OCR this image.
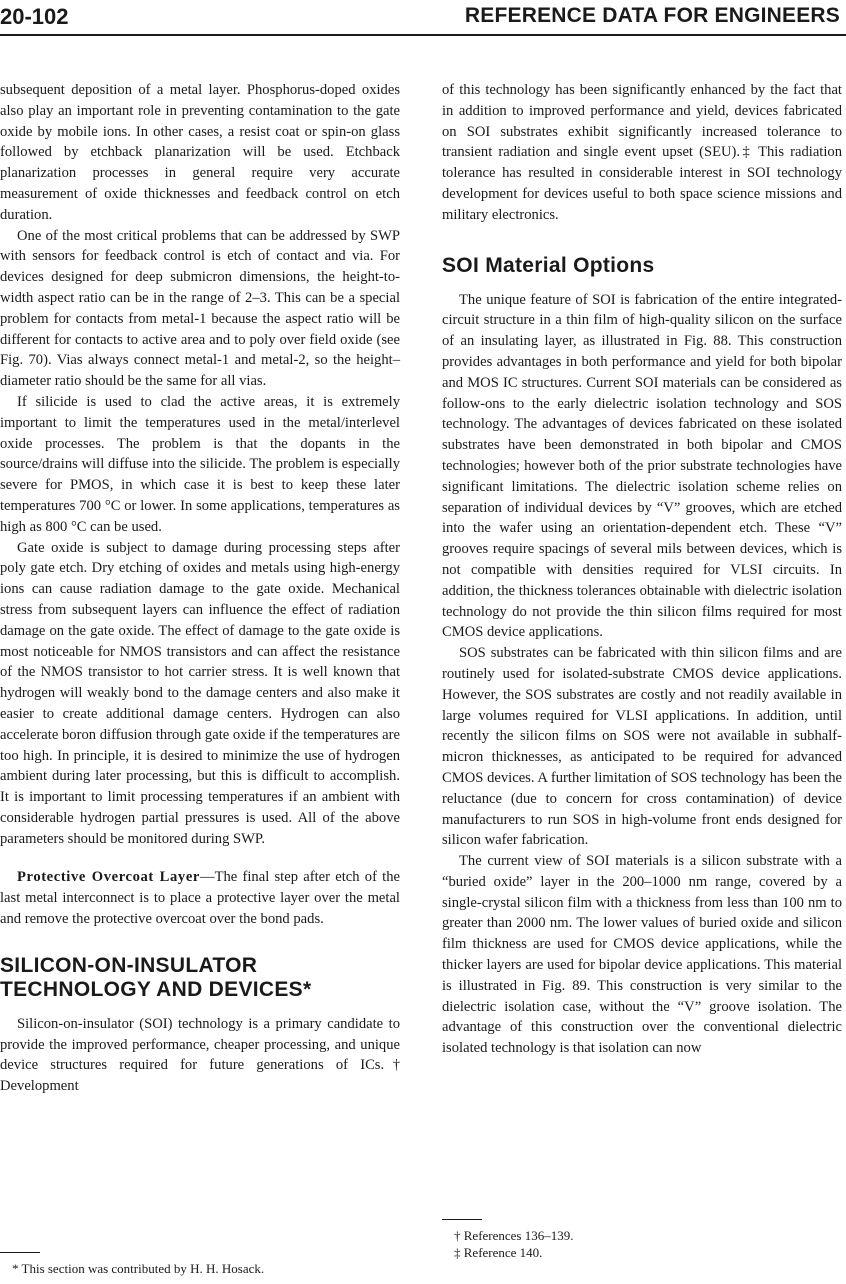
20-102	REFERENCE DATA FOR ENGINEERS

subsequent deposition of a metal layer. Phosphorus-doped oxides also play an important role in preventing contamination to the gate oxide by mobile ions. In other cases, a resist coat or spin-on glass followed by etchback planarization will be used. Etchback planarization processes in general require very accurate measurement of oxide thicknesses and feedback control on etch duration.

One of the most critical problems that can be addressed by SWP with sensors for feedback control is etch of contact and via. For devices designed for deep submicron dimensions, the height-to-width aspect ratio can be in the range of 2–3. This can be a special problem for contacts from metal-1 because the aspect ratio will be different for contacts to active area and to poly over field oxide (see Fig. 70). Vias always connect metal-1 and metal-2, so the height–diameter ratio should be the same for all vias.

If silicide is used to clad the active areas, it is extremely important to limit the temperatures used in the metal/interlevel oxide processes. The problem is that the dopants in the source/drains will diffuse into the silicide. The problem is especially severe for PMOS, in which case it is best to keep these later temperatures 700 °C or lower. In some applications, temperatures as high as 800 °C can be used.

Gate oxide is subject to damage during processing steps after poly gate etch. Dry etching of oxides and metals using high-energy ions can cause radiation damage to the gate oxide. Mechanical stress from subsequent layers can influence the effect of radiation damage on the gate oxide. The effect of damage to the gate oxide is most noticeable for NMOS transistors and can affect the resistance of the NMOS transistor to hot carrier stress. It is well known that hydrogen will weakly bond to the damage centers and also make it easier to create additional damage centers. Hydrogen can also accelerate boron diffusion through gate oxide if the temperatures are too high. In principle, it is desired to minimize the use of hydrogen ambient during later processing, but this is difficult to accomplish. It is important to limit processing temperatures if an ambient with considerable hydrogen partial pressures is used. All of the above parameters should be monitored during SWP.

Protective Overcoat Layer—The final step after etch of the last metal interconnect is to place a protective layer over the metal and remove the protective overcoat over the bond pads.

SILICON-ON-INSULATOR
TECHNOLOGY AND DEVICES*

Silicon-on-insulator (SOI) technology is a primary candidate to provide the improved performance, cheaper processing, and unique device structures required for future generations of ICs.† Development

of this technology has been significantly enhanced by the fact that in addition to improved performance and yield, devices fabricated on SOI substrates exhibit significantly increased tolerance to transient radiation and single event upset (SEU).‡ This radiation tolerance has resulted in considerable interest in SOI technology development for devices useful to both space science missions and military electronics.

SOI Material Options

The unique feature of SOI is fabrication of the entire integrated-circuit structure in a thin film of high-quality silicon on the surface of an insulating layer, as illustrated in Fig. 88. This construction provides advantages in both performance and yield for both bipolar and MOS IC structures. Current SOI materials can be considered as follow-ons to the early dielectric isolation technology and SOS technology. The advantages of devices fabricated on these isolated substrates have been demonstrated in both bipolar and CMOS technologies; however both of the prior substrate technologies have significant limitations. The dielectric isolation scheme relies on separation of individual devices by “V” grooves, which are etched into the wafer using an orientation-dependent etch. These “V” grooves require spacings of several mils between devices, which is not compatible with densities required for VLSI circuits. In addition, the thickness tolerances obtainable with dielectric isolation technology do not provide the thin silicon films required for most CMOS device applications.

SOS substrates can be fabricated with thin silicon films and are routinely used for isolated-substrate CMOS device applications. However, the SOS substrates are costly and not readily available in large volumes required for VLSI applications. In addition, until recently the silicon films on SOS were not available in subhalf-micron thicknesses, as anticipated to be required for advanced CMOS devices. A further limitation of SOS technology has been the reluctance (due to concern for cross contamination) of device manufacturers to run SOS in high-volume front ends designed for silicon wafer fabrication.

The current view of SOI materials is a silicon substrate with a “buried oxide” layer in the 200–1000 nm range, covered by a single-crystal silicon film with a thickness from less than 100 nm to greater than 2000 nm. The lower values of buried oxide and silicon film thickness are used for CMOS device applications, while the thicker layers are used for bipolar device applications. This material is illustrated in Fig. 89. This construction is very similar to the dielectric isolation case, without the “V” groove isolation. The advantage of this construction over the conventional dielectric isolated technology is that isolation can now

* This section was contributed by H. H. Hosack.
† References 136–139.
‡ Reference 140.
